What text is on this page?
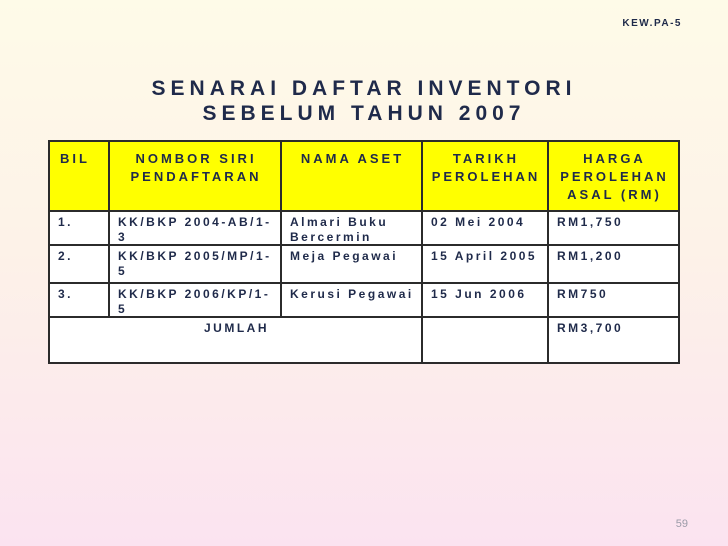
KEW.PA-5
SENARAI DAFTAR INVENTORI
SEBELUM TAHUN 2007
BIL	NOMBOR SIRI PENDAFTARAN	NAMA ASET	TARIKH PEROLEHAN	HARGA PEROLEHAN ASAL (RM)

1.	KK/BKP 2004-AB/1-3	Almari Buku Bercermin	02 Mei 2004	RM1,750

2.	KK/BKP 2005/MP/1-5	Meja Pegawai	15 April 2005	RM1,200

3.	KK/BKP 2006/KP/1-5	Kerusi Pegawai	15 Jun 2006	RM750

JUMLAH				RM3,700
59
